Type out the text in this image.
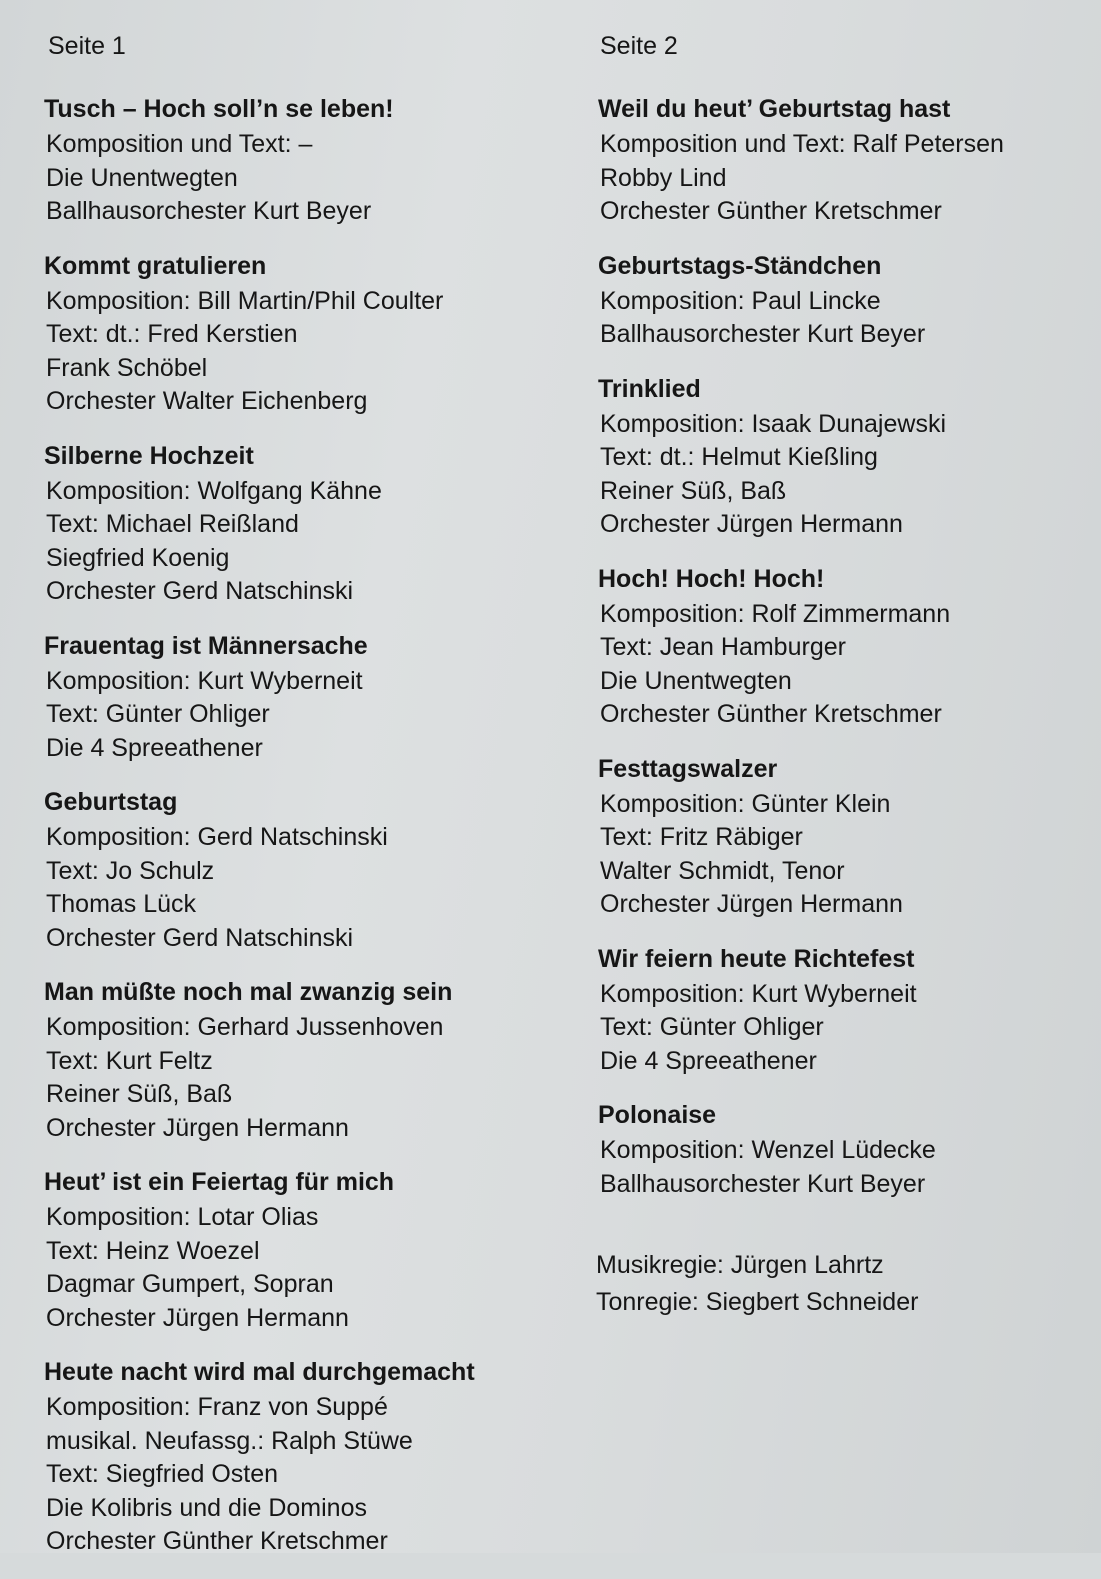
Seite 1
Tusch – Hoch soll’n se leben!
Komposition und Text: –
Die Unentwegten
Ballhausorchester Kurt Beyer
Kommt gratulieren
Komposition: Bill Martin/Phil Coulter
Text: dt.: Fred Kerstien
Frank Schöbel
Orchester Walter Eichenberg
Silberne Hochzeit
Komposition: Wolfgang Kähne
Text: Michael Reißland
Siegfried Koenig
Orchester Gerd Natschinski
Frauentag ist Männersache
Komposition: Kurt Wyberneit
Text: Günter Ohliger
Die 4 Spreeathener
Geburtstag
Komposition: Gerd Natschinski
Text: Jo Schulz
Thomas Lück
Orchester Gerd Natschinski
Man müßte noch mal zwanzig sein
Komposition: Gerhard Jussenhoven
Text: Kurt Feltz
Reiner Süß, Baß
Orchester Jürgen Hermann
Heut’ ist ein Feiertag für mich
Komposition: Lotar Olias
Text: Heinz Woezel
Dagmar Gumpert, Sopran
Orchester Jürgen Hermann
Heute nacht wird mal durchgemacht
Komposition: Franz von Suppé
musikal. Neufassg.: Ralph Stüwe
Text: Siegfried Osten
Die Kolibris und die Dominos
Orchester Günther Kretschmer
Seite 2
Weil du heut’ Geburtstag hast
Komposition und Text: Ralf Petersen
Robby Lind
Orchester Günther Kretschmer
Geburtstags-Ständchen
Komposition: Paul Lincke
Ballhausorchester Kurt Beyer
Trinklied
Komposition: Isaak Dunajewski
Text: dt.: Helmut Kießling
Reiner Süß, Baß
Orchester Jürgen Hermann
Hoch! Hoch! Hoch!
Komposition: Rolf Zimmermann
Text: Jean Hamburger
Die Unentwegten
Orchester Günther Kretschmer
Festtagswalzer
Komposition: Günter Klein
Text: Fritz Räbiger
Walter Schmidt, Tenor
Orchester Jürgen Hermann
Wir feiern heute Richtefest
Komposition: Kurt Wyberneit
Text: Günter Ohliger
Die 4 Spreeathener
Polonaise
Komposition: Wenzel Lüdecke
Ballhausorchester Kurt Beyer
Musikregie: Jürgen Lahrtz
Tonregie: Siegbert Schneider
